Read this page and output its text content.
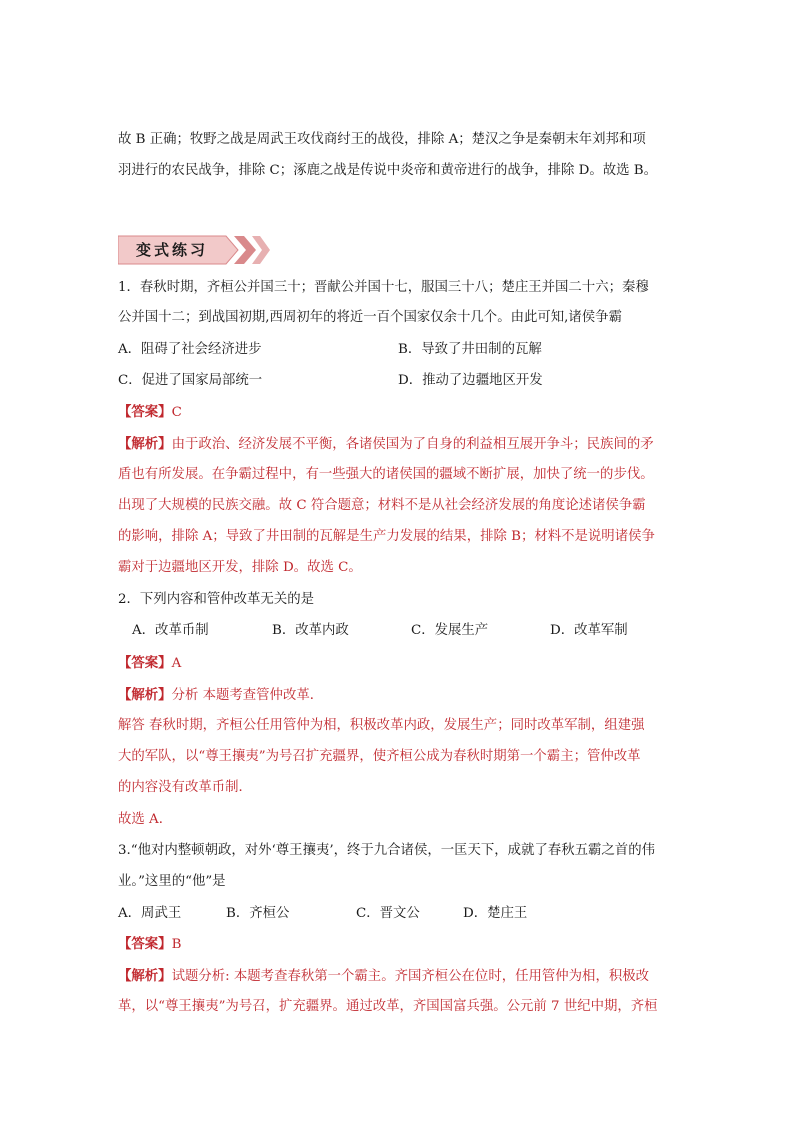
故 B 正确；牧野之战是周武王攻伐商纣王的战役，排除 A；楚汉之争是秦朝末年刘邦和项
羽进行的农民战争，排除 C；涿鹿之战是传说中炎帝和黄帝进行的战争，排除 D。故选 B。
变式练习
1．春秋时期，齐桓公并国三十；晋献公并国十七，服国三十八；楚庄王并国二十六；秦穆
公并国十二；到战国初期,西周初年的将近一百个国家仅余十几个。由此可知,诸侯争霸
A．阻碍了社会经济进步	B．导致了井田制的瓦解
C．促进了国家局部统一	D．推动了边疆地区开发
【答案】C
【解析】由于政治、经济发展不平衡，各诸侯国为了自身的利益相互展开争斗；民族间的矛
盾也有所发展。在争霸过程中，有一些强大的诸侯国的疆域不断扩展，加快了统一的步伐。
出现了大规模的民族交融。故 C 符合题意；材料不是从社会经济发展的角度论述诸侯争霸
的影响，排除 A；导致了井田制的瓦解是生产力发展的结果，排除 B；材料不是说明诸侯争
霸对于边疆地区开发，排除 D。故选 C。
2．下列内容和管仲改革无关的是
A．改革币制	B．改革内政	C．发展生产	D．改革军制
【答案】A
【解析】分析 本题考查管仲改革．
解答 春秋时期，齐桓公任用管仲为相，积极改革内政，发展生产；同时改革军制，组建强
大的军队，以“尊王攘夷”为号召扩充疆界，使齐桓公成为春秋时期第一个霸主；管仲改革
的内容没有改革币制．
故选 A．
3.“他对内整顿朝政，对外‘尊王攘夷’，终于九合诸侯，一匡天下，成就了春秋五霸之首的伟
业。”这里的“他”是
A．周武王	B．齐桓公	C．晋文公	D．楚庄王
【答案】B
【解析】试题分析: 本题考查春秋第一个霸主。齐国齐桓公在位时，任用管仲为相，积极改
革，以“尊王攘夷”为号召，扩充疆界。通过改革，齐国国富兵强。公元前 7 世纪中期，齐桓
